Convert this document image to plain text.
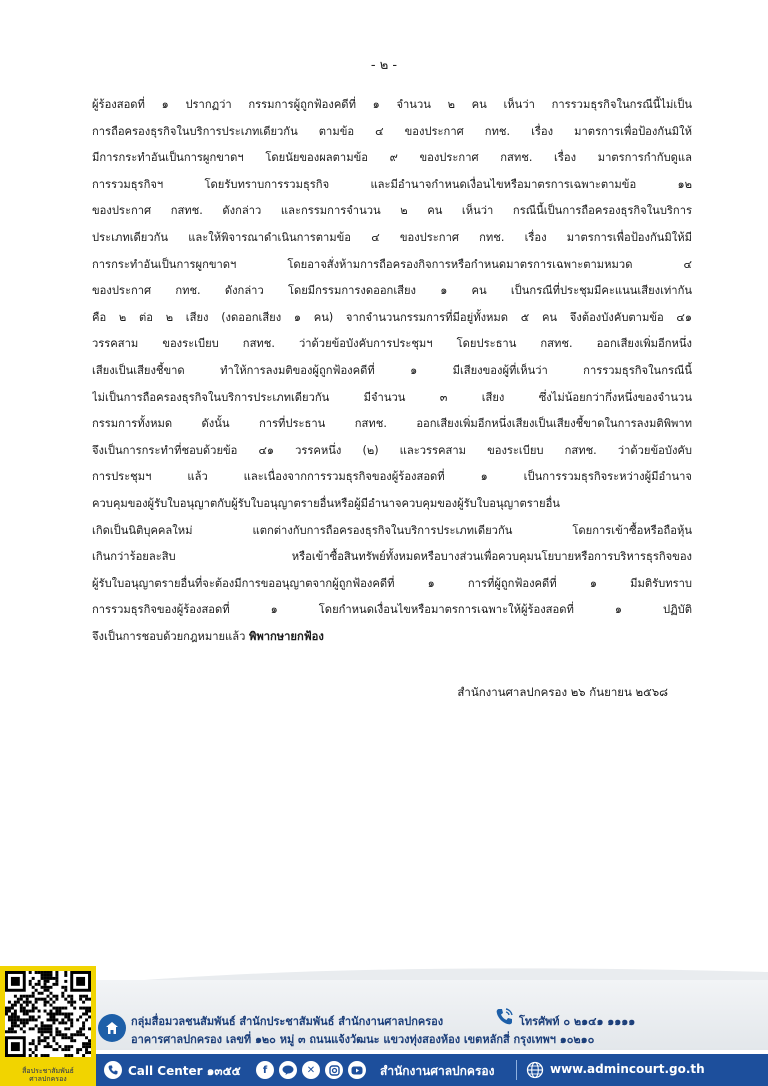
- ๒ -
ผู้ร้องสอดที่ ๑ ปรากฏว่า กรรมการผู้ถูกฟ้องคดีที่ ๑ จำนวน ๒ คน เห็นว่า การรวมธุรกิจในกรณีนี้ไม่เป็น
การถือครองธุรกิจในบริการประเภทเดียวกัน ตามข้อ ๔ ของประกาศ กทช. เรื่อง มาตรการเพื่อป้องกันมิให้
มีการกระทำอันเป็นการผูกขาดฯ โดยนัยของผลตามข้อ ๙ ของประกาศ กสทช. เรื่อง มาตรการกำกับดูแล
การรวมธุรกิจฯ โดยรับทราบการรวมธุรกิจ และมีอำนาจกำหนดเงื่อนไขหรือมาตรการเฉพาะตามข้อ ๑๒
ของประกาศ กสทช. ดังกล่าว และกรรมการจำนวน ๒ คน เห็นว่า กรณีนี้เป็นการถือครองธุรกิจในบริการ
ประเภทเดียวกัน และให้พิจารณาดำเนินการตามข้อ ๔ ของประกาศ กทช. เรื่อง มาตรการเพื่อป้องกันมิให้มี
การกระทำอันเป็นการผูกขาดฯ โดยอาจสั่งห้ามการถือครองกิจการหรือกำหนดมาตรการเฉพาะตามหมวด ๔
ของประกาศ กทช. ดังกล่าว โดยมีกรรมการงดออกเสียง ๑ คน เป็นกรณีที่ประชุมมีคะแนนเสียงเท่ากัน
คือ ๒ ต่อ ๒ เสียง (งดออกเสียง ๑ คน) จากจำนวนกรรมการที่มีอยู่ทั้งหมด ๕ คน จึงต้องบังคับตามข้อ ๔๑
วรรคสาม ของระเบียบ กสทช. ว่าด้วยข้อบังคับการประชุมฯ โดยประธาน กสทช. ออกเสียงเพิ่มอีกหนึ่ง
เสียงเป็นเสียงชี้ขาด ทำให้การลงมติของผู้ถูกฟ้องคดีที่ ๑ มีเสียงของผู้ที่เห็นว่า การรวมธุรกิจในกรณีนี้
ไม่เป็นการถือครองธุรกิจในบริการประเภทเดียวกัน มีจำนวน ๓ เสียง ซึ่งไม่น้อยกว่ากึ่งหนึ่งของจำนวน
กรรมการทั้งหมด ดังนั้น การที่ประธาน กสทช. ออกเสียงเพิ่มอีกหนึ่งเสียงเป็นเสียงชี้ขาดในการลงมติพิพาท
จึงเป็นการกระทำที่ชอบด้วยข้อ ๔๑ วรรคหนึ่ง (๒) และวรรคสาม ของระเบียบ กสทช. ว่าด้วยข้อบังคับ
การประชุมฯ แล้ว และเนื่องจากการรวมธุรกิจของผู้ร้องสอดที่ ๑ เป็นการรวมธุรกิจระหว่างผู้มีอำนาจ
ควบคุมของผู้รับใบอนุญาตกับผู้รับใบอนุญาตรายอื่นหรือผู้มีอำนาจควบคุมของผู้รับใบอนุญาตรายอื่น
เกิดเป็นนิติบุคคลใหม่ แตกต่างกับการถือครองธุรกิจในบริการประเภทเดียวกัน โดยการเข้าซื้อหรือถือหุ้น
เกินกว่าร้อยละสิบ หรือเข้าซื้อสินทรัพย์ทั้งหมดหรือบางส่วนเพื่อควบคุมนโยบายหรือการบริหารธุรกิจของ
ผู้รับใบอนุญาตรายอื่นที่จะต้องมีการขออนุญาตจากผู้ถูกฟ้องคดีที่ ๑ การที่ผู้ถูกฟ้องคดีที่ ๑ มีมติรับทราบ
การรวมธุรกิจของผู้ร้องสอดที่ ๑ โดยกำหนดเงื่อนไขหรือมาตรการเฉพาะให้ผู้ร้องสอดที่ ๑ ปฏิบัติ
จึงเป็นการชอบด้วยกฎหมายแล้ว พิพากษายกฟ้อง
สำนักงานศาลปกครอง ๒๖ กันยายน ๒๕๖๘
สื่อประชาสัมพันธ์
ศาลปกครอง
กลุ่มสื่อมวลชนสัมพันธ์ สำนักประชาสัมพันธ์ สำนักงานศาลปกครอง
อาคารศาลปกครอง เลขที่ ๑๒๐ หมู่ ๓ ถนนแจ้งวัฒนะ แขวงทุ่งสองห้อง เขตหลักสี่ กรุงเทพฯ ๑๐๒๑๐
โทรศัพท์ ๐ ๒๑๔๑ ๑๑๑๑
Call Center ๑๓๕๕	f	✕	สำนักงานศาลปกครอง	www.admincourt.go.th
